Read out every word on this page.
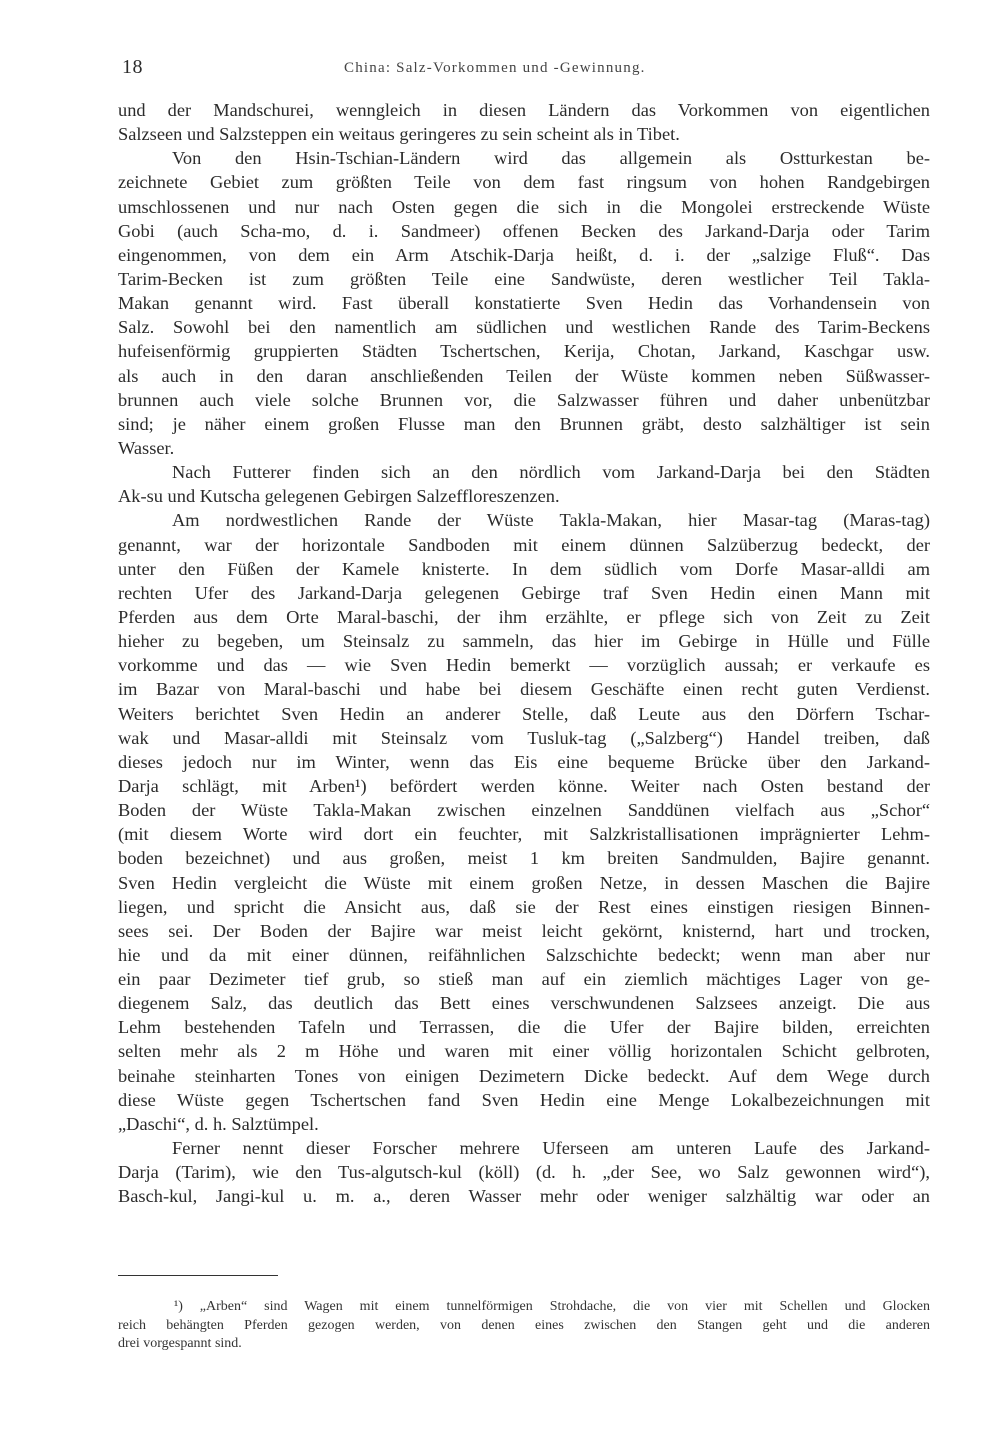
18	China: Salz-Vorkommen und -Gewinnung.
und der Mandschurei, wenngleich in diesen Ländern das Vorkommen von eigentlichen
Salzseen und Salzsteppen ein weitaus geringeres zu sein scheint als in Tibet.
Von den Hsin-Tschian-Ländern wird das allgemein als Ostturkestan be-
zeichnete Gebiet zum größten Teile von dem fast ringsum von hohen Randgebirgen
umschlossenen und nur nach Osten gegen die sich in die Mongolei erstreckende Wüste
Gobi (auch Scha-mo, d. i. Sandmeer) offenen Becken des Jarkand-Darja oder Tarim
eingenommen, von dem ein Arm Atschik-Darja heißt, d. i. der „salzige Fluß“. Das
Tarim-Becken ist zum größten Teile eine Sandwüste, deren westlicher Teil Takla-
Makan genannt wird. Fast überall konstatierte Sven Hedin das Vorhandensein von
Salz. Sowohl bei den namentlich am südlichen und westlichen Rande des Tarim-Beckens
hufeisenförmig gruppierten Städten Tschertschen, Kerija, Chotan, Jarkand, Kaschgar usw.
als auch in den daran anschließenden Teilen der Wüste kommen neben Süßwasser-
brunnen auch viele solche Brunnen vor, die Salzwasser führen und daher unbenützbar
sind; je näher einem großen Flusse man den Brunnen gräbt, desto salzhältiger ist sein
Wasser.
Nach Futterer finden sich an den nördlich vom Jarkand-Darja bei den Städten
Ak-su und Kutscha gelegenen Gebirgen Salzeffloreszenzen.
Am nordwestlichen Rande der Wüste Takla-Makan, hier Masar-tag (Maras-tag)
genannt, war der horizontale Sandboden mit einem dünnen Salzüberzug bedeckt, der
unter den Füßen der Kamele knisterte. In dem südlich vom Dorfe Masar-alldi am
rechten Ufer des Jarkand-Darja gelegenen Gebirge traf Sven Hedin einen Mann mit
Pferden aus dem Orte Maral-baschi, der ihm erzählte, er pflege sich von Zeit zu Zeit
hieher zu begeben, um Steinsalz zu sammeln, das hier im Gebirge in Hülle und Fülle
vorkomme und das — wie Sven Hedin bemerkt — vorzüglich aussah; er verkaufe es
im Bazar von Maral-baschi und habe bei diesem Geschäfte einen recht guten Verdienst.
Weiters berichtet Sven Hedin an anderer Stelle, daß Leute aus den Dörfern Tschar-
wak und Masar-alldi mit Steinsalz vom Tusluk-tag („Salzberg“) Handel treiben, daß
dieses jedoch nur im Winter, wenn das Eis eine bequeme Brücke über den Jarkand-
Darja schlägt, mit Arben¹) befördert werden könne. Weiter nach Osten bestand der
Boden der Wüste Takla-Makan zwischen einzelnen Sanddünen vielfach aus „Schor“
(mit diesem Worte wird dort ein feuchter, mit Salzkristallisationen imprägnierter Lehm-
boden bezeichnet) und aus großen, meist 1 km breiten Sandmulden, Bajire genannt.
Sven Hedin vergleicht die Wüste mit einem großen Netze, in dessen Maschen die Bajire
liegen, und spricht die Ansicht aus, daß sie der Rest eines einstigen riesigen Binnen-
sees sei. Der Boden der Bajire war meist leicht gekörnt, knisternd, hart und trocken,
hie und da mit einer dünnen, reifähnlichen Salzschichte bedeckt; wenn man aber nur
ein paar Dezimeter tief grub, so stieß man auf ein ziemlich mächtiges Lager von ge-
diegenem Salz, das deutlich das Bett eines verschwundenen Salzsees anzeigt. Die aus
Lehm bestehenden Tafeln und Terrassen, die die Ufer der Bajire bilden, erreichten
selten mehr als 2 m Höhe und waren mit einer völlig horizontalen Schicht gelbroten,
beinahe steinharten Tones von einigen Dezimetern Dicke bedeckt. Auf dem Wege durch
diese Wüste gegen Tschertschen fand Sven Hedin eine Menge Lokalbezeichnungen mit
„Daschi“, d. h. Salztümpel.
Ferner nennt dieser Forscher mehrere Uferseen am unteren Laufe des Jarkand-
Darja (Tarim), wie den Tus-algutsch-kul (köll) (d. h. „der See, wo Salz gewonnen wird“),
Basch-kul, Jangi-kul u. m. a., deren Wasser mehr oder weniger salzhältig war oder an
¹) „Arben“ sind Wagen mit einem tunnelförmigen Strohdache, die von vier mit Schellen und Glocken
reich behängten Pferden gezogen werden, von denen eines zwischen den Stangen geht und die anderen
drei vorgespannt sind.
